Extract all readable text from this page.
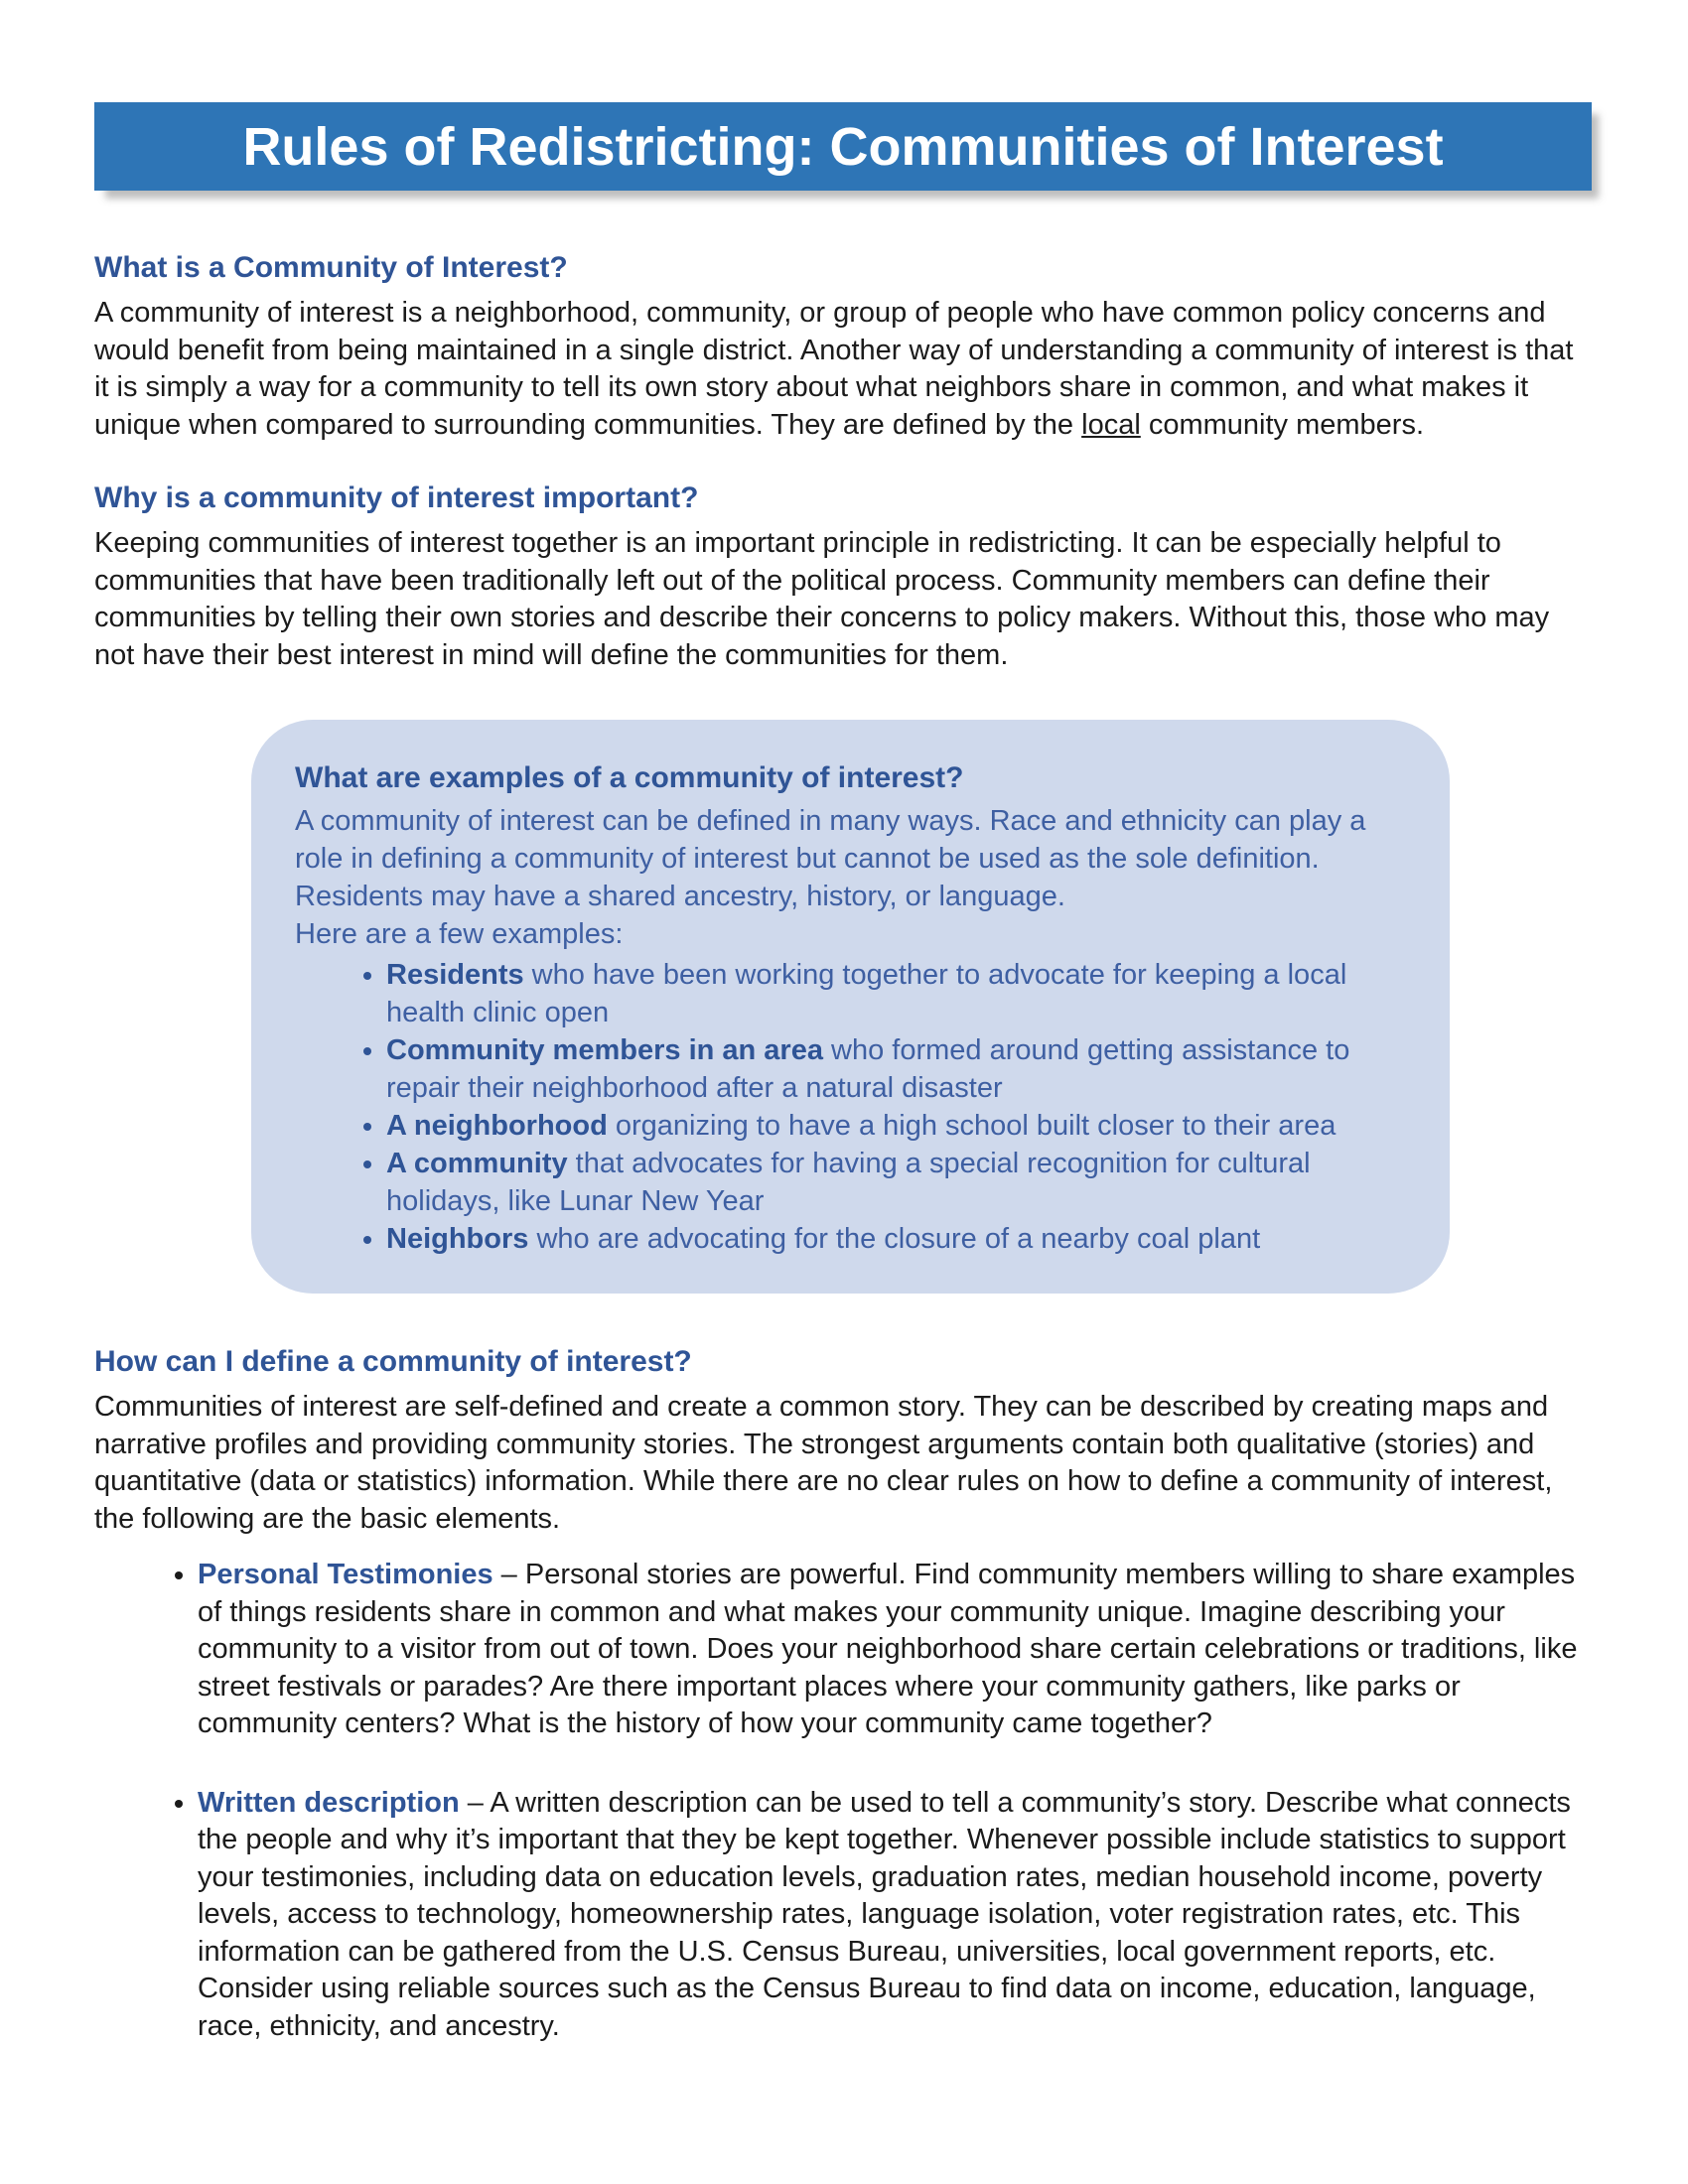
Rules of Redistricting: Communities of Interest
What is a Community of Interest?

A community of interest is a neighborhood, community, or group of people who have common policy concerns and would benefit from being maintained in a single district. Another way of understanding a community of interest is that it is simply a way for a community to tell its own story about what neighbors share in common, and what makes it unique when compared to surrounding communities. They are defined by the local community members.

Why is a community of interest important?

Keeping communities of interest together is an important principle in redistricting. It can be especially helpful to communities that have been traditionally left out of the political process. Community members can define their communities by telling their own stories and describe their concerns to policy makers. Without this, those who may not have their best interest in mind will define the communities for them.

What are examples of a community of interest?

A community of interest can be defined in many ways. Race and ethnicity can play a role in defining a community of interest but cannot be used as the sole definition. Residents may have a shared ancestry, history, or language.

Here are a few examples:

• Residents who have been working together to advocate for keeping a local health clinic open
• Community members in an area who formed around getting assistance to repair their neighborhood after a natural disaster
• A neighborhood organizing to have a high school built closer to their area
• A community that advocates for having a special recognition for cultural holidays, like Lunar New Year
• Neighbors who are advocating for the closure of a nearby coal plant
How can I define a community of interest?

Communities of interest are self-defined and create a common story. They can be described by creating maps and narrative profiles and providing community stories. The strongest arguments contain both qualitative (stories) and quantitative (data or statistics) information. While there are no clear rules on how to define a community of interest, the following are the basic elements.

• Personal Testimonies – Personal stories are powerful. Find community members willing to share examples of things residents share in common and what makes your community unique. Imagine describing your community to a visitor from out of town. Does your neighborhood share certain celebrations or traditions, like street festivals or parades? Are there important places where your community gathers, like parks or community centers? What is the history of how your community came together?
• Written description – A written description can be used to tell a community’s story. Describe what connects the people and why it’s important that they be kept together. Whenever possible include statistics to support your testimonies, including data on education levels, graduation rates, median household income, poverty levels, access to technology, homeownership rates, language isolation, voter registration rates, etc. This information can be gathered from the U.S. Census Bureau, universities, local government reports, etc. Consider using reliable sources such as the Census Bureau to find data on income, education, language, race, ethnicity, and ancestry.
